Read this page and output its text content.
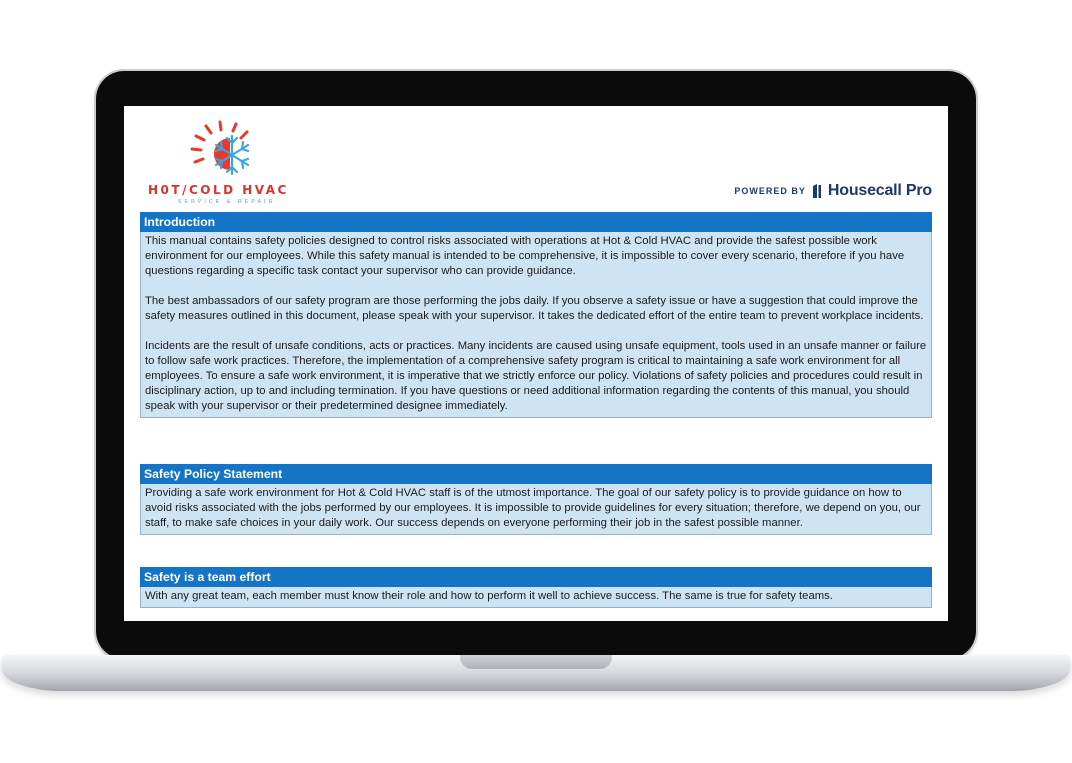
H0T/COLD HVAC
SERVICE & REPAIR
POWERED BY Housecall Pro
Introduction

This manual contains safety policies designed to control risks associated with operations at Hot & Cold HVAC and provide the safest possible work environment for our employees. While this safety manual is intended to be comprehensive, it is impossible to cover every scenario, therefore if you have questions regarding a specific task contact your supervisor who can provide guidance.

The best ambassadors of our safety program are those performing the jobs daily. If you observe a safety issue or have a suggestion that could improve the safety measures outlined in this document, please speak with your supervisor. It takes the dedicated effort of the entire team to prevent workplace incidents.

Incidents are the result of unsafe conditions, acts or practices. Many incidents are caused using unsafe equipment, tools used in an unsafe manner or failure to follow safe work practices. Therefore, the implementation of a comprehensive safety program is critical to maintaining a safe work environment for all employees. To ensure a safe work environment, it is imperative that we strictly enforce our policy. Violations of safety policies and procedures could result in disciplinary action, up to and including termination. If you have questions or need additional information regarding the contents of this manual, you should speak with your supervisor or their predetermined designee immediately.

Safety Policy Statement

Providing a safe work environment for Hot & Cold HVAC staff is of the utmost importance. The goal of our safety policy is to provide guidance on how to avoid risks associated with the jobs performed by our employees. It is impossible to provide guidelines for every situation; therefore, we depend on you, our staff, to make safe choices in your daily work. Our success depends on everyone performing their job in the safest possible manner.

Safety is a team effort

With any great team, each member must know their role and how to perform it well to achieve success. The same is true for safety teams.
